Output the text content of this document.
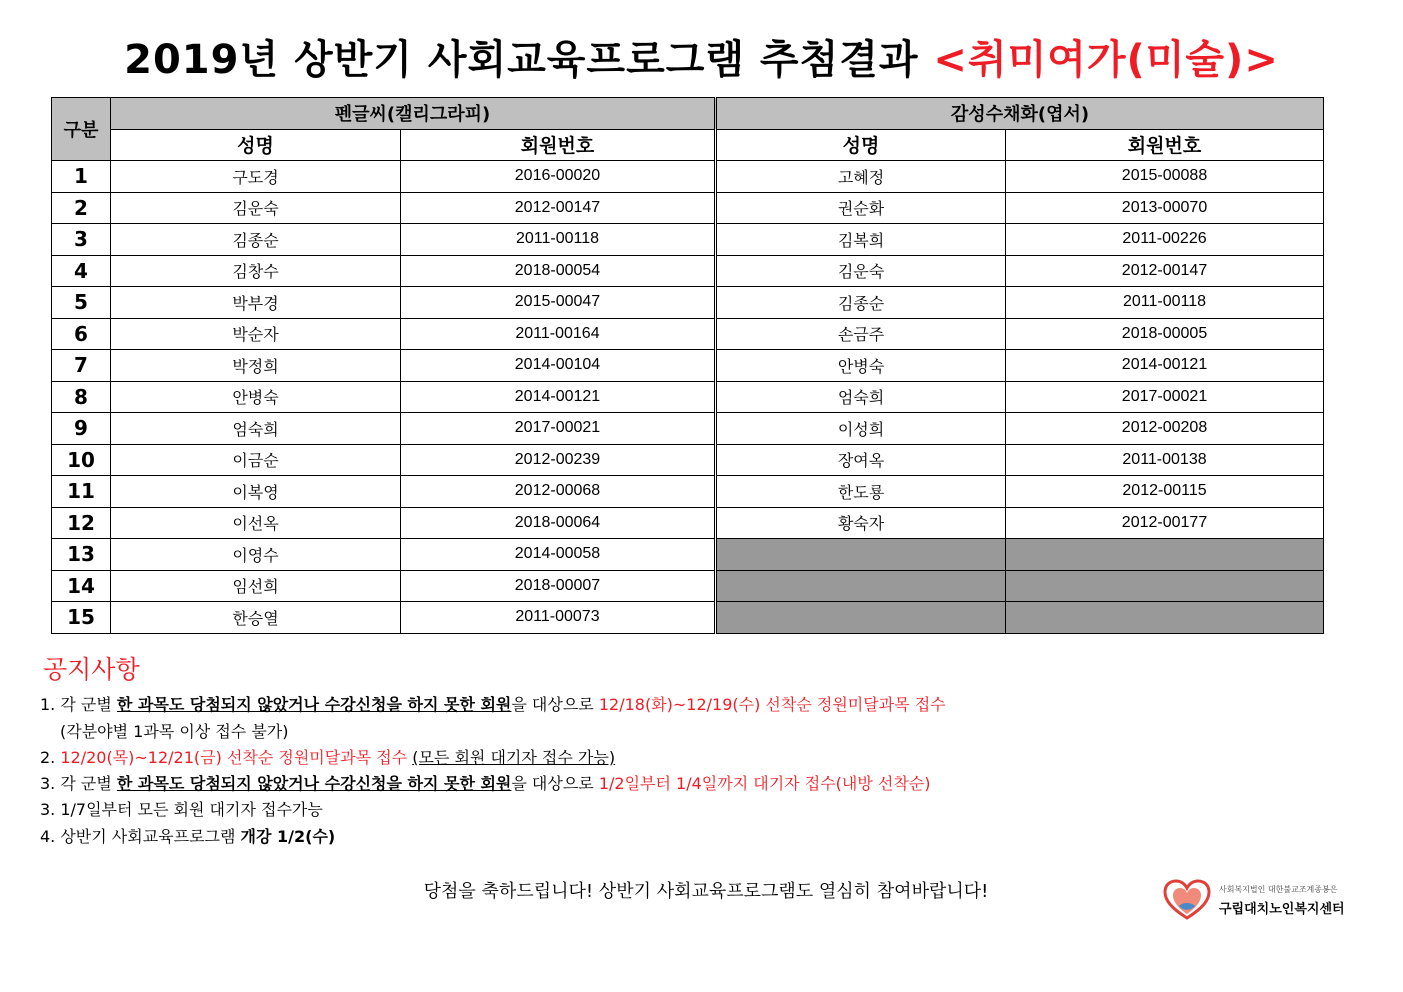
2019년 상반기 사회교육프로그램 추첨결과 <취미여가(미술)>
구분	펜글씨(캘리그라피)		감성수채화(엽서)	
	성명	회원번호	성명	회원번호
1	구도경	2016-00020	고혜정	2015-00088
2	김운숙	2012-00147	권순화	2013-00070
3	김종순	2011-00118	김복희	2011-00226
4	김창수	2018-00054	김운숙	2012-00147
5	박부경	2015-00047	김종순	2011-00118
6	박순자	2011-00164	손금주	2018-00005
7	박정희	2014-00104	안병숙	2014-00121
8	안병숙	2014-00121	엄숙희	2017-00021
9	엄숙희	2017-00021	이성희	2012-00208
10	이금순	2012-00239	장여옥	2011-00138
11	이복영	2012-00068	한도룡	2012-00115
12	이선옥	2018-00064	황숙자	2012-00177
13	이영수	2014-00058		
14	임선희	2018-00007		
15	한승열	2011-00073		
공지사항
1. 각 군별 한 과목도 당첨되지 않았거나 수강신청을 하지 못한 회원을 대상으로 12/18(화)~12/19(수) 선착순 정원미달과목 접수
(각분야별 1과목 이상 접수 불가)
2. 12/20(목)~12/21(금) 선착순 정원미달과목 접수 (모든 회원 대기자 접수 가능)
3. 각 군별 한 과목도 당첨되지 않았거나 수강신청을 하지 못한 회원을 대상으로 1/2일부터 1/4일까지 대기자 접수(내방 선착순)
3. 1/7일부터 모든 회원 대기자 접수가능
4. 상반기 사회교육프로그램 개강 1/2(수)
당첨을 축하드립니다! 상반기 사회교육프로그램도 열심히 참여바랍니다!	사회복지법인 대한불교조계종봉은
구립대치노인복지센터
